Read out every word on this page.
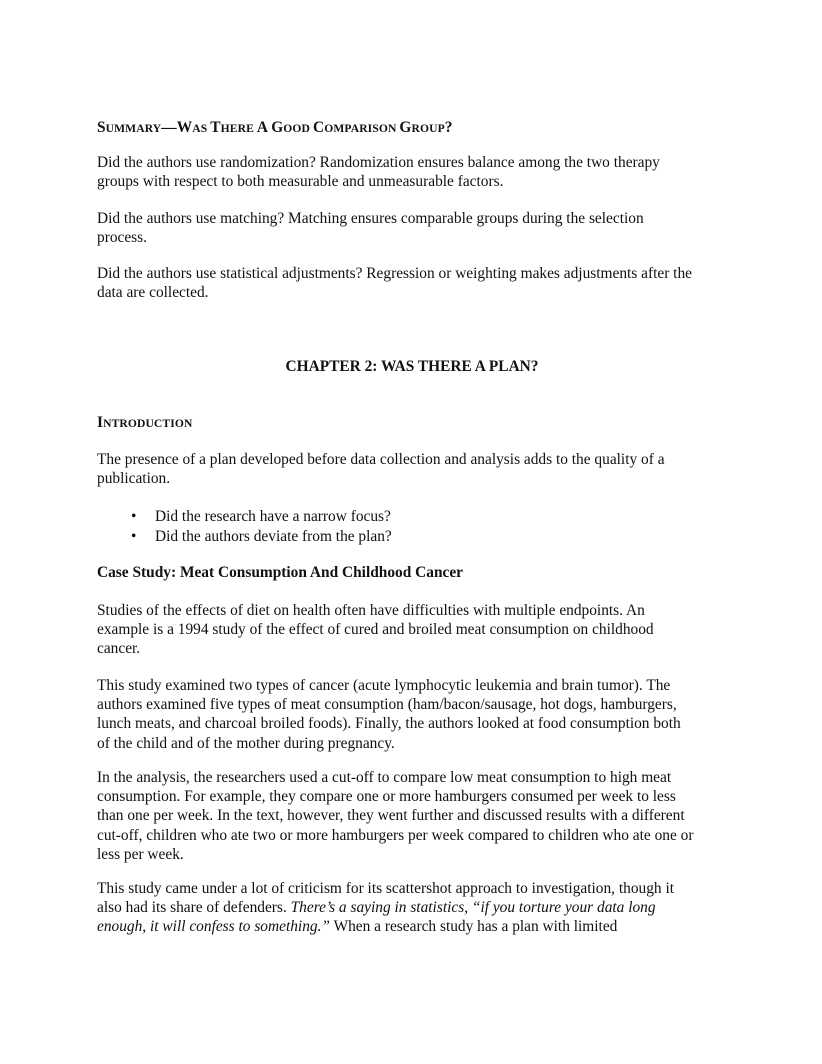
SUMMARY—WAS THERE A GOOD COMPARISON GROUP?

Did the authors use randomization? Randomization ensures balance among the two therapy
groups with respect to both measurable and unmeasurable factors.

Did the authors use matching? Matching ensures comparable groups during the selection
process.

Did the authors use statistical adjustments? Regression or weighting makes adjustments after the
data are collected.

CHAPTER 2: WAS THERE A PLAN?

INTRODUCTION

The presence of a plan developed before data collection and analysis adds to the quality of a
publication.

• Did the research have a narrow focus?
• Did the authors deviate from the plan?

Case Study: Meat Consumption And Childhood Cancer

Studies of the effects of diet on health often have difficulties with multiple endpoints. An
example is a 1994 study of the effect of cured and broiled meat consumption on childhood
cancer.

This study examined two types of cancer (acute lymphocytic leukemia and brain tumor). The
authors examined five types of meat consumption (ham/bacon/sausage, hot dogs, hamburgers,
lunch meats, and charcoal broiled foods). Finally, the authors looked at food consumption both
of the child and of the mother during pregnancy.

In the analysis, the researchers used a cut-off to compare low meat consumption to high meat
consumption. For example, they compare one or more hamburgers consumed per week to less
than one per week. In the text, however, they went further and discussed results with a different
cut-off, children who ate two or more hamburgers per week compared to children who ate one or
less per week.

This study came under a lot of criticism for its scattershot approach to investigation, though it
also had its share of defenders. There’s a saying in statistics, “if you torture your data long
enough, it will confess to something.” When a research study has a plan with limited
